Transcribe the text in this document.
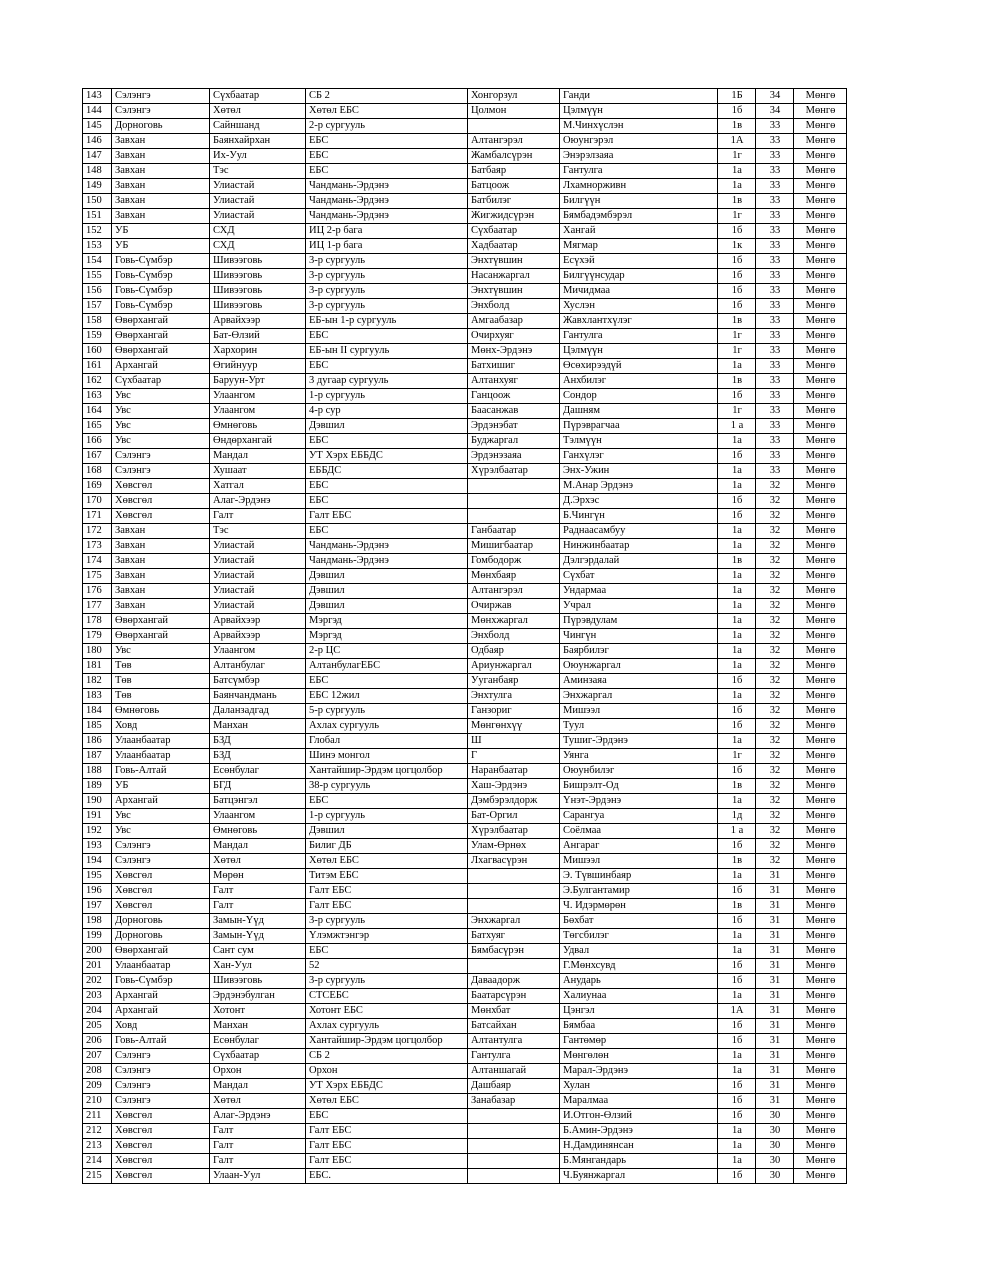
143	Сэлэнгэ	Сүхбаатар	СБ 2	Хонгорзул	Ганди	1Б	34	Мөнгө
144	Сэлэнгэ	Хөтөл	Хөтөл ЕБС	Цолмон	Цэлмүүн	1б	34	Мөнгө
145	Дорноговь	Сайншанд	2-р сургууль		М.Чинхүслэн	1в	33	Мөнгө
146	Завхан	Баянхайрхан	ЕБС	Алтангэрэл	Оюунгэрэл	1А	33	Мөнгө
147	Завхан	Их-Уул	ЕБС	Жамбалсүрэн	Энэрэлзаяа	1г	33	Мөнгө
148	Завхан	Тэс	ЕБС	Батбаяр	Гантулга	1а	33	Мөнгө
149	Завхан	Улиастай	Чандмань-Эрдэнэ	Батцоож	Лхамнорживн	1а	33	Мөнгө
150	Завхан	Улиастай	Чандмань-Эрдэнэ	Батбилэг	Билгүүн	1в	33	Мөнгө
151	Завхан	Улиастай	Чандмань-Эрдэнэ	Жигжидсүрэн	Бямбадэмбэрэл	1г	33	Мөнгө
152	УБ	СХД	ИЦ 2-р бага	Сүхбаатар	Хангай	1б	33	Мөнгө
153	УБ	СХД	ИЦ 1-р бага	Хадбаатар	Мягмар	1к	33	Мөнгө
154	Говь-Сүмбэр	Шивээговь	3-р сургууль	Энхтүвшин	Есүхэй	1б	33	Мөнгө
155	Говь-Сүмбэр	Шивээговь	3-р сургууль	Насанжаргал	Билгүүнсудар	1б	33	Мөнгө
156	Говь-Сүмбэр	Шивээговь	3-р сургууль	Энхтүвшин	Мичидмаа	1б	33	Мөнгө
157	Говь-Сүмбэр	Шивээговь	3-р сургууль	Энхболд	Хуслэн	1б	33	Мөнгө
158	Өвөрхангай	Арвайхээр	ЕБ-ын 1-р сургууль	Амгаабазар	Жавхлантхүлэг	1в	33	Мөнгө
159	Өвөрхангай	Бат-Өлзий	ЕБС	Очирхуяг	Гантулга	1г	33	Мөнгө
160	Өвөрхангай	Хархорин	ЕБ-ын II сургууль	Мөнх-Эрдэнэ	Цэлмүүн	1г	33	Мөнгө
161	Архангай	Өгийнуур	ЕБС	Батхишиг	Өсөхирээдүй	1а	33	Мөнгө
162	Сүхбаатар	Баруун-Урт	3 дугаар сургууль	Алтанхуяг	Анхбилэг	1в	33	Мөнгө
163	Увс	Улаангом	1-р сургууль	Ганцоож	Сондор	1б	33	Мөнгө
164	Увс	Улаангом	4-р сур	Баасанжав	Дашням	1г	33	Мөнгө
165	Увс	Өмнөговь	Дэвшил	Эрдэнэбат	Пүрэврагчаа	1 а	33	Мөнгө
166	Увс	Өндөрхангай	ЕБС	Буджаргал	Тэлмүүн	1а	33	Мөнгө
167	Сэлэнгэ	Мандал	УТ Хэрх ЕББДС	Эрдэнэзаяа	Ганхүлэг	1б	33	Мөнгө
168	Сэлэнгэ	Хушаат	ЕББДС	Хүрэлбаатар	Энх-Ужин	1а	33	Мөнгө
169	Хөвсгөл	Хатгал	ЕБС		М.Анар Эрдэнэ	1а	32	Мөнгө
170	Хөвсгөл	Алаг-Эрдэнэ	ЕБС		Д.Эрхэс	1б	32	Мөнгө
171	Хөвсгөл	Галт	Галт ЕБС		Б.Чингүн	1б	32	Мөнгө
172	Завхан	Тэс	ЕБС	Ганбаатар	Раднаасамбуу	1а	32	Мөнгө
173	Завхан	Улиастай	Чандмань-Эрдэнэ	Мишигбаатар	Нинжинбаатар	1а	32	Мөнгө
174	Завхан	Улиастай	Чандмань-Эрдэнэ	Гомбодорж	Дэлгэрдалай	1в	32	Мөнгө
175	Завхан	Улиастай	Дэвшил	Мөнхбаяр	Сүхбат	1а	32	Мөнгө
176	Завхан	Улиастай	Дэвшил	Алтангэрэл	Ундармаа	1а	32	Мөнгө
177	Завхан	Улиастай	Дэвшил	Очиржав	Учрал	1а	32	Мөнгө
178	Өвөрхангай	Арвайхээр	Мэргэд	Мөнхжаргал	Пүрэвдулам	1а	32	Мөнгө
179	Өвөрхангай	Арвайхээр	Мэргэд	Энхболд	Чингүн	1а	32	Мөнгө
180	Увс	Улаангом	2-р ЦС	Одбаяр	Баярбилэг	1а	32	Мөнгө
181	Төв	Алтанбулаг	АлтанбулагЕБС	Ариунжаргал	Оюунжаргал	1а	32	Мөнгө
182	Төв	Батсүмбэр	ЕБС	Ууганбаяр	Аминзаяа	1б	32	Мөнгө
183	Төв	Баянчандмань	ЕБС 12жил	Энхтулга	Энхжаргал	1а	32	Мөнгө
184	Өмнөговь	Даланзадгад	5-р сургууль	Ганзориг	Мишээл	1б	32	Мөнгө
185	Ховд	Манхан	Ахлах сургууль	Мөнгөнхүү	Туул	1б	32	Мөнгө
186	Улаанбаатар	БЗД	Глобал	Ш	Тушиг-Эрдэнэ	1а	32	Мөнгө
187	Улаанбаатар	БЗД	Шинэ монгол	Г	Уянга	1г	32	Мөнгө
188	Говь-Алтай	Есөнбулаг	Хантайшир-Эрдэм цогцолбор	Наранбаатар	Оюунбилэг	1б	32	Мөнгө
189	УБ	БГД	38-р сургууль	Хаш-Эрдэнэ	Бишрэлт-Од	1в	32	Мөнгө
190	Архангай	Батцэнгэл	ЕБС	Дэмбэрэлдорж	Үнэт-Эрдэнэ	1а	32	Мөнгө
191	Увс	Улаангом	1-р сургууль	Бат-Оргил	Сарангуа	1д	32	Мөнгө
192	Увс	Өмнөговь	Дэвшил	Хүрэлбаатар	Соёлмаа	1 а	32	Мөнгө
193	Сэлэнгэ	Мандал	Билиг ДБ	Улам-Өрнөх	Ангараг	1б	32	Мөнгө
194	Сэлэнгэ	Хөтөл	Хөтөл ЕБС	Лхагвасүрэн	Мишээл	1в	32	Мөнгө
195	Хөвсгөл	Мөрөн	Титэм ЕБС		Э. Түвшинбаяр	1а	31	Мөнгө
196	Хөвсгөл	Галт	Галт ЕБС		Э.Булгантамир	1б	31	Мөнгө
197	Хөвсгөл	Галт	Галт ЕБС		Ч. Идэрмөрөн	1в	31	Мөнгө
198	Дорноговь	Замын-Үүд	3-р сургууль	Энхжаргал	Бөхбат	1б	31	Мөнгө
199	Дорноговь	Замын-Үүд	Үлэмжтэнгэр	Батхуяг	Төгсбилэг	1а	31	Мөнгө
200	Өвөрхангай	Сант сум	ЕБС	Бямбасүрэн	Удвал	1а	31	Мөнгө
201	Улаанбаатар	Хан-Уул	52		Г.Мөнхсувд	1б	31	Мөнгө
202	Говь-Сүмбэр	Шивээговь	3-р сургууль	Даваадорж	Анударь	1б	31	Мөнгө
203	Архангай	Эрдэнэбулган	СТСЕБС	Баатарсүрэн	Халиунаа	1а	31	Мөнгө
204	Архангай	Хотонт	Хотонт ЕБС	Мөнхбат	Цэнгэл	1А	31	Мөнгө
205	Ховд	Манхан	Ахлах сургууль	Батсайхан	Бямбаа	1б	31	Мөнгө
206	Говь-Алтай	Есөнбулаг	Хантайшир-Эрдэм цогцолбор	Алтантулга	Гантөмөр	1б	31	Мөнгө
207	Сэлэнгэ	Сүхбаатар	СБ 2	Гантулга	Мөнгөлөн	1а	31	Мөнгө
208	Сэлэнгэ	Орхон	Орхон	Алтаншагай	Марал-Эрдэнэ	1а	31	Мөнгө
209	Сэлэнгэ	Мандал	УТ Хэрх ЕББДС	Дашбаяр	Хулан	1б	31	Мөнгө
210	Сэлэнгэ	Хөтөл	Хөтөл ЕБС	Занабазар	Маралмаа	1б	31	Мөнгө
211	Хөвсгөл	Алаг-Эрдэнэ	ЕБС		И.Отгон-Өлзий	1б	30	Мөнгө
212	Хөвсгөл	Галт	Галт ЕБС		Б.Амин-Эрдэнэ	1а	30	Мөнгө
213	Хөвсгөл	Галт	Галт ЕБС		Н.Дамдинянсан	1а	30	Мөнгө
214	Хөвсгөл	Галт	Галт ЕБС		Б.Мянгандарь	1а	30	Мөнгө
215	Хөвсгөл	Улаан-Уул	ЕБС.		Ч.Буянжаргал	1б	30	Мөнгө
